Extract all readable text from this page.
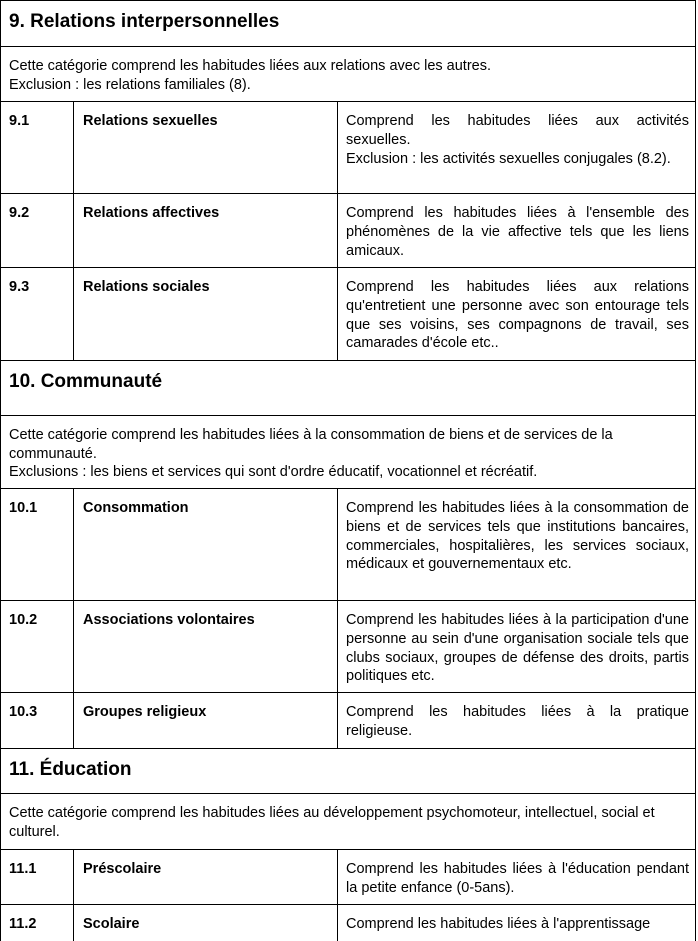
9. Relations interpersonnelles
Cette catégorie comprend les habitudes liées aux relations avec les autres.
Exclusion : les relations familiales (8).
9.1	Relations sexuelles	Comprend les habitudes liées aux activités sexuelles.
Exclusion : les activités sexuelles conjugales (8.2).
9.2	Relations affectives	Comprend les habitudes liées à l'ensemble des phénomènes de la vie affective tels que les liens amicaux.
9.3	Relations sociales	Comprend les habitudes liées aux relations qu'entretient une personne avec son entourage tels que ses voisins, ses compagnons de travail, ses camarades d'école etc..
10. Communauté
Cette catégorie comprend les habitudes liées à la consommation de biens et de services de la communauté.
Exclusions : les biens et services qui sont d'ordre éducatif, vocationnel et récréatif.
10.1	Consommation	Comprend les habitudes liées à la consommation de biens et de services tels que institutions bancaires, commerciales, hospitalières, les services sociaux, médicaux et gouvernementaux etc.
10.2	Associations volontaires	Comprend les habitudes liées à la participation d'une personne au sein d'une organisation sociale tels que clubs sociaux, groupes de défense des droits, partis politiques etc.
10.3	Groupes religieux	Comprend les habitudes liées à la pratique religieuse.
11. Éducation
Cette catégorie comprend les habitudes liées au développement psychomoteur, intellectuel, social et culturel.
11.1	Préscolaire	Comprend les habitudes liées à l'éducation pendant la petite enfance (0-5ans).
11.2	Scolaire	Comprend les habitudes liées à l'apprentissage
